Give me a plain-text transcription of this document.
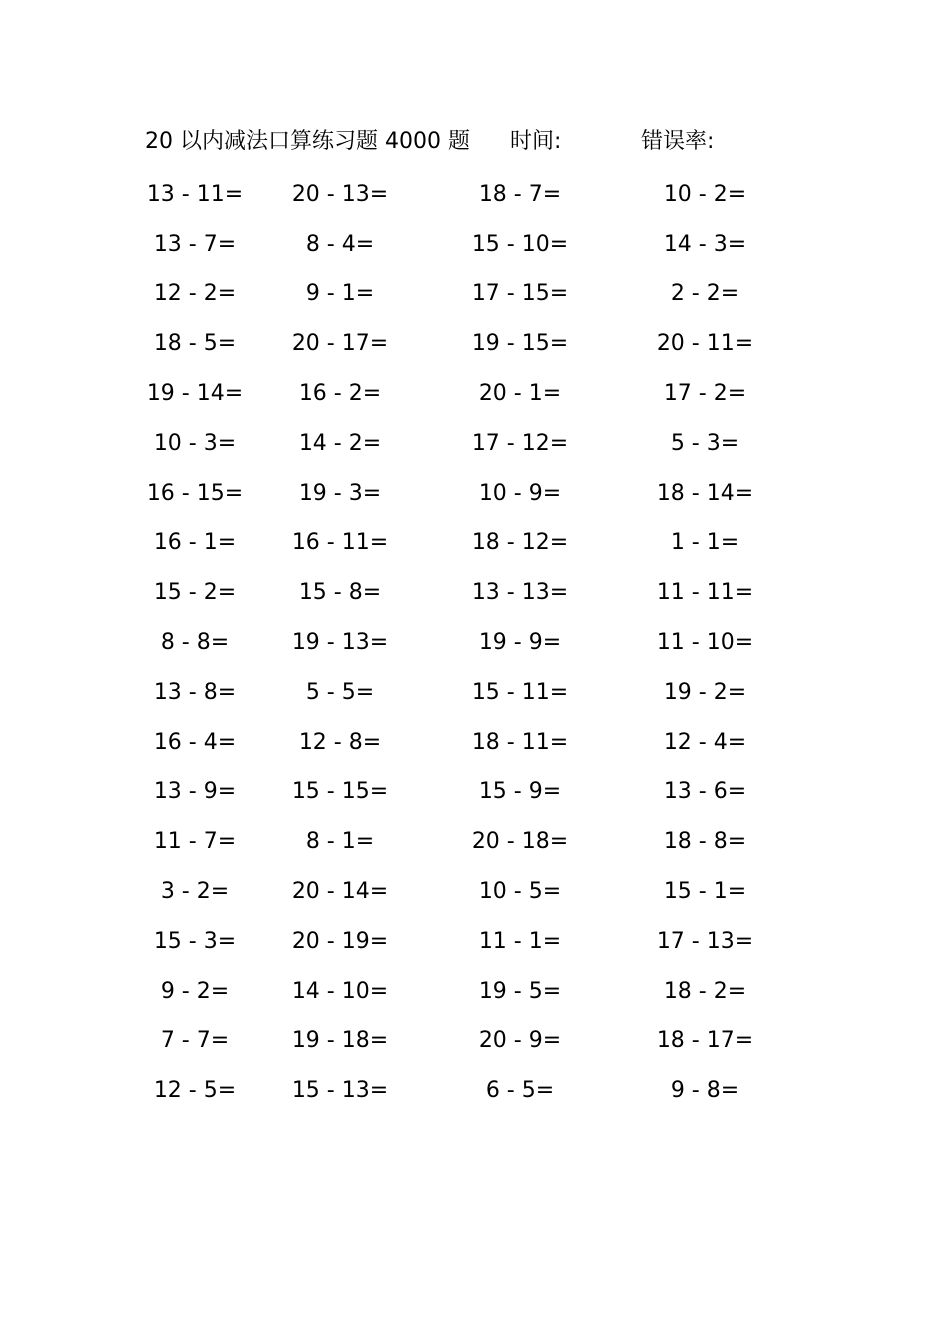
20 以内减法口算练习题 4000 题 时间:	错误率:
13 - 11=	20 - 13=	18 - 7=	10 - 2=
13 - 7=	8 - 4=	15 - 10=	14 - 3=
12 - 2=	9 - 1=	17 - 15=	2 - 2=
18 - 5=	20 - 17=	19 - 15=	20 - 11=
19 - 14=	16 - 2=	20 - 1=	17 - 2=
10 - 3=	14 - 2=	17 - 12=	5 - 3=
16 - 15=	19 - 3=	10 - 9=	18 - 14=
16 - 1=	16 - 11=	18 - 12=	1 - 1=
15 - 2=	15 - 8=	13 - 13=	11 - 11=
8 - 8=	19 - 13=	19 - 9=	11 - 10=
13 - 8=	5 - 5=	15 - 11=	19 - 2=
16 - 4=	12 - 8=	18 - 11=	12 - 4=
13 - 9=	15 - 15=	15 - 9=	13 - 6=
11 - 7=	8 - 1=	20 - 18=	18 - 8=
3 - 2=	20 - 14=	10 - 5=	15 - 1=
15 - 3=	20 - 19=	11 - 1=	17 - 13=
9 - 2=	14 - 10=	19 - 5=	18 - 2=
7 - 7=	19 - 18=	20 - 9=	18 - 17=
12 - 5=	15 - 13=	6 - 5=	9 - 8=
